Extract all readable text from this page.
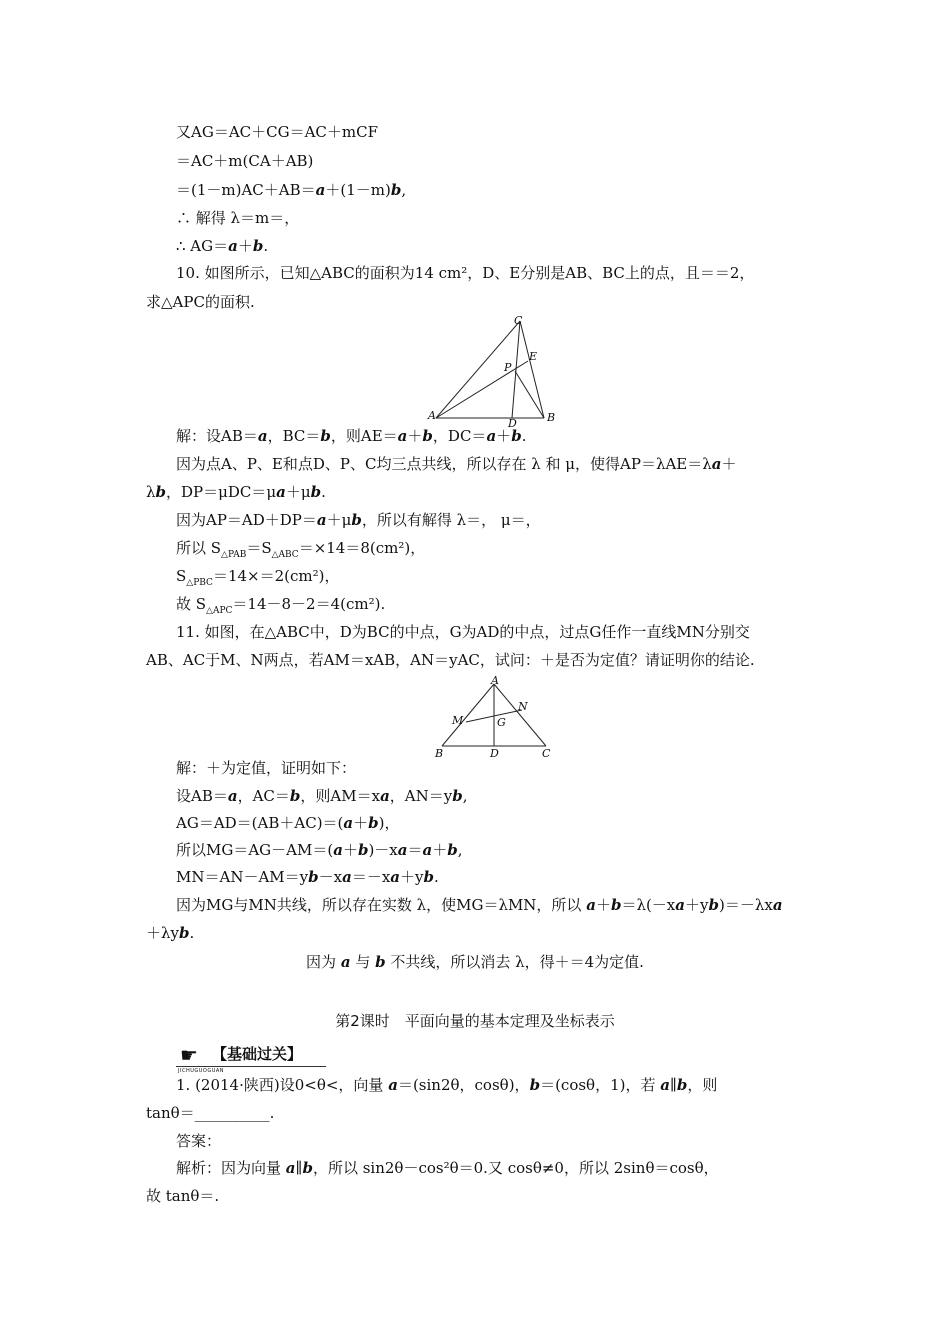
又AG＝AC＋CG＝AC＋mCF
＝AC＋m(CA＋AB)
＝(1－m)AC＋AB＝a＋(1－m)b,
∴ 解得 λ＝m＝，
∴ AG＝a＋b.
10. 如图所示，已知△ABC的面积为14 cm²，D、E分别是AB、BC上的点，且＝＝2，
求△APC的面积.
C
E
P
A
D	B
解：设AB＝a，BC＝b，则AE＝a＋b，DC＝a＋b.
因为点A、P、E和点D、P、C均三点共线，所以存在 λ 和 μ，使得AP＝λAE＝λa＋
λb，DP＝μDC＝μa＋μb.
因为AP＝AD＋DP＝a＋μb，所以有解得 λ＝， μ＝，
所以 $S_{\triangle PAB}=S_{\triangle ABC}=\times 14=8(cm^2)$，
$S_{\triangle PBC}=14\times=2(cm^2)$，
故 $S_{\triangle APC}=14-8-2=4(cm^2)$.
11. 如图，在△ABC中，D为BC的中点，G为AD的中点，过点G任作一直线MN分别交
AB、AC于M、N两点，若AM＝xAB，AN＝yAC，试问：＋是否为定值？请证明你的结论.
A
N
M	G
B	D	C
解：＋为定值，证明如下：
设AB＝a，AC＝b，则AM＝xa，AN＝yb,
AG＝AD＝(AB＋AC)＝(a＋b)，
所以MG＝AG－AM＝(a＋b)－xa＝a＋b,
MN＝AN－AM＝yb－xa＝－xa＋yb.
因为MG与MN共线，所以存在实数 λ，使MG＝λMN，所以 a＋b＝λ(－xa＋yb)＝－λxa
＋λyb.
因为 a 与 b 不共线，所以消去 λ，得＋＝4为定值.
第2课时　平面向量的基本定理及坐标表示
☛ 【基础过关】
JICHUGUOGUAN
1. (2014·陕西)设0<θ<，向量 a＝(sin2θ，cosθ)，b＝(cosθ，1)，若 a∥b，则
tanθ＝__________.
答案：
解析：因为向量 a∥b，所以 sin2θ－cos²θ＝0.又 cosθ≠0，所以 2sinθ＝cosθ，
故 tanθ＝.
